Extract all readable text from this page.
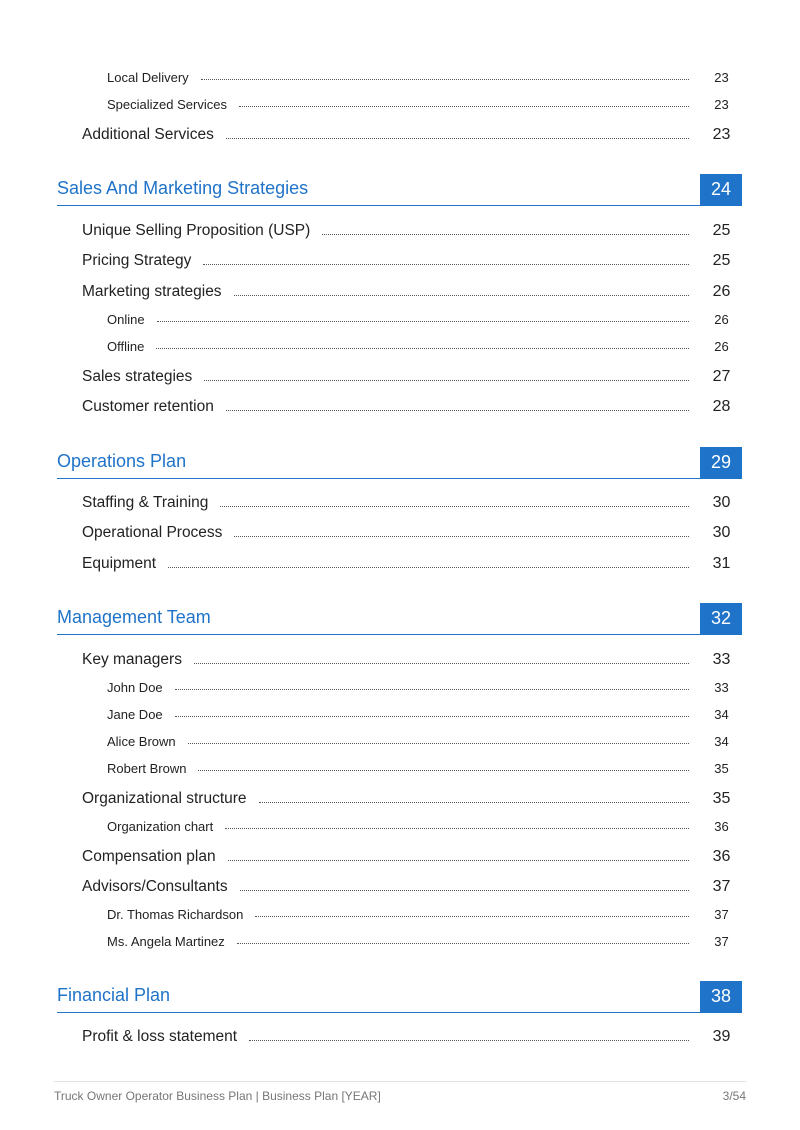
Local Delivery	23
Specialized Services	23
Additional Services	23
Sales And Marketing Strategies	24
Unique Selling Proposition (USP)	25
Pricing Strategy	25
Marketing strategies	26
Online	26
Offline	26
Sales strategies	27
Customer retention	28
Operations Plan	29
Staffing & Training	30
Operational Process	30
Equipment	31
Management Team	32
Key managers	33
John Doe	33
Jane Doe	34
Alice Brown	34
Robert Brown	35
Organizational structure	35
Organization chart	36
Compensation plan	36
Advisors/Consultants	37
Dr. Thomas Richardson	37
Ms. Angela Martinez	37
Financial Plan	38
Profit & loss statement	39
Truck Owner Operator Business Plan | Business Plan [YEAR]	3/54
